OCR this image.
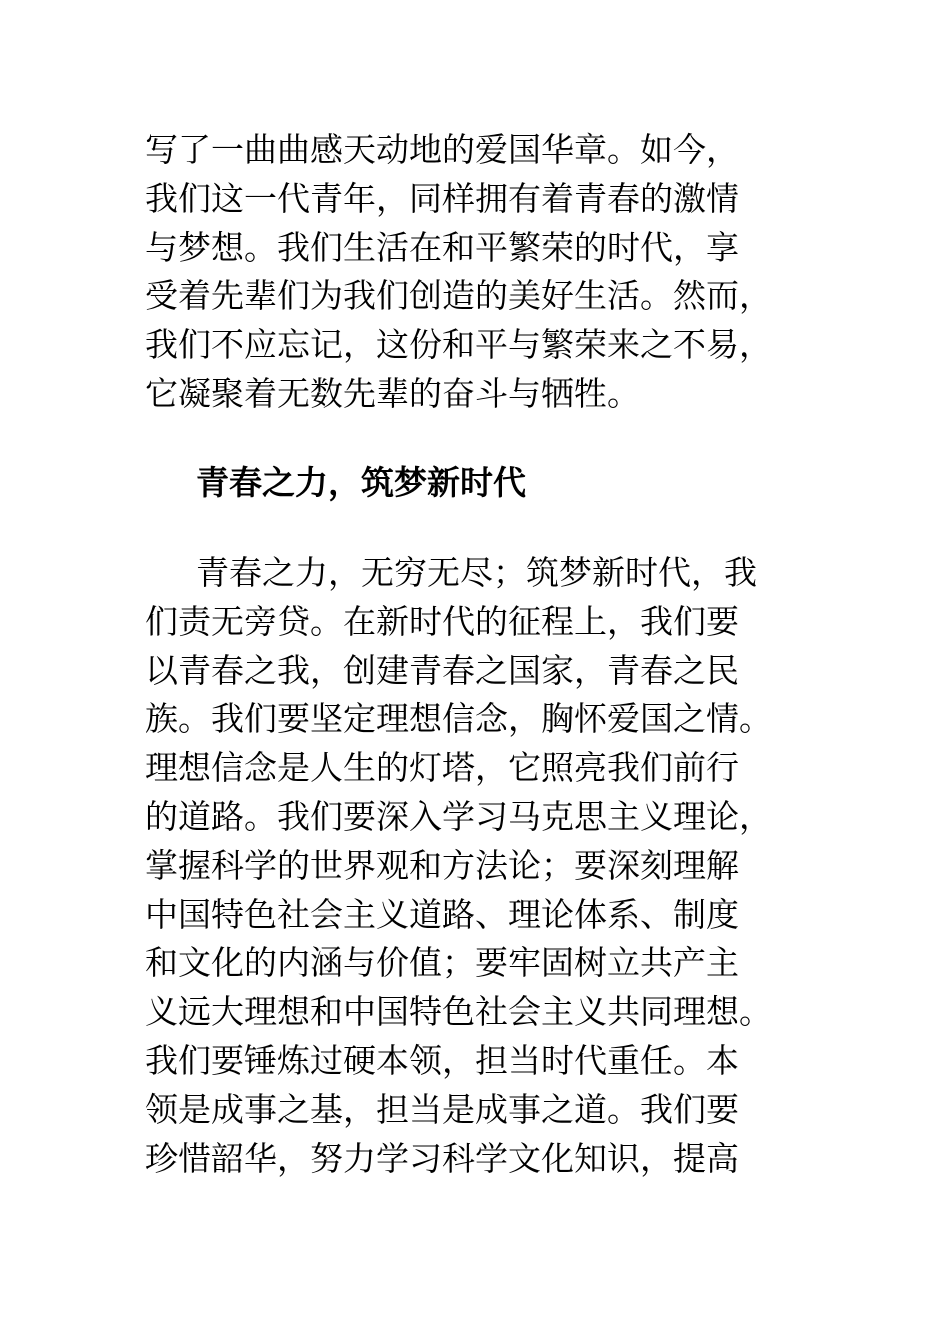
写了一曲曲感天动地的爱国华章。如今，
我们这一代青年，同样拥有着青春的激情
与梦想。我们生活在和平繁荣的时代，享
受着先辈们为我们创造的美好生活。然而，
我们不应忘记，这份和平与繁荣来之不易，
它凝聚着无数先辈的奋斗与牺牲。
青春之力，筑梦新时代
青春之力，无穷无尽；筑梦新时代，我
们责无旁贷。在新时代的征程上，我们要
以青春之我，创建青春之国家，青春之民
族。我们要坚定理想信念，胸怀爱国之情。
理想信念是人生的灯塔，它照亮我们前行
的道路。我们要深入学习马克思主义理论，
掌握科学的世界观和方法论；要深刻理解
中国特色社会主义道路、理论体系、制度
和文化的内涵与价值；要牢固树立共产主
义远大理想和中国特色社会主义共同理想。
我们要锤炼过硬本领，担当时代重任。本
领是成事之基，担当是成事之道。我们要
珍惜韶华，努力学习科学文化知识，提高
